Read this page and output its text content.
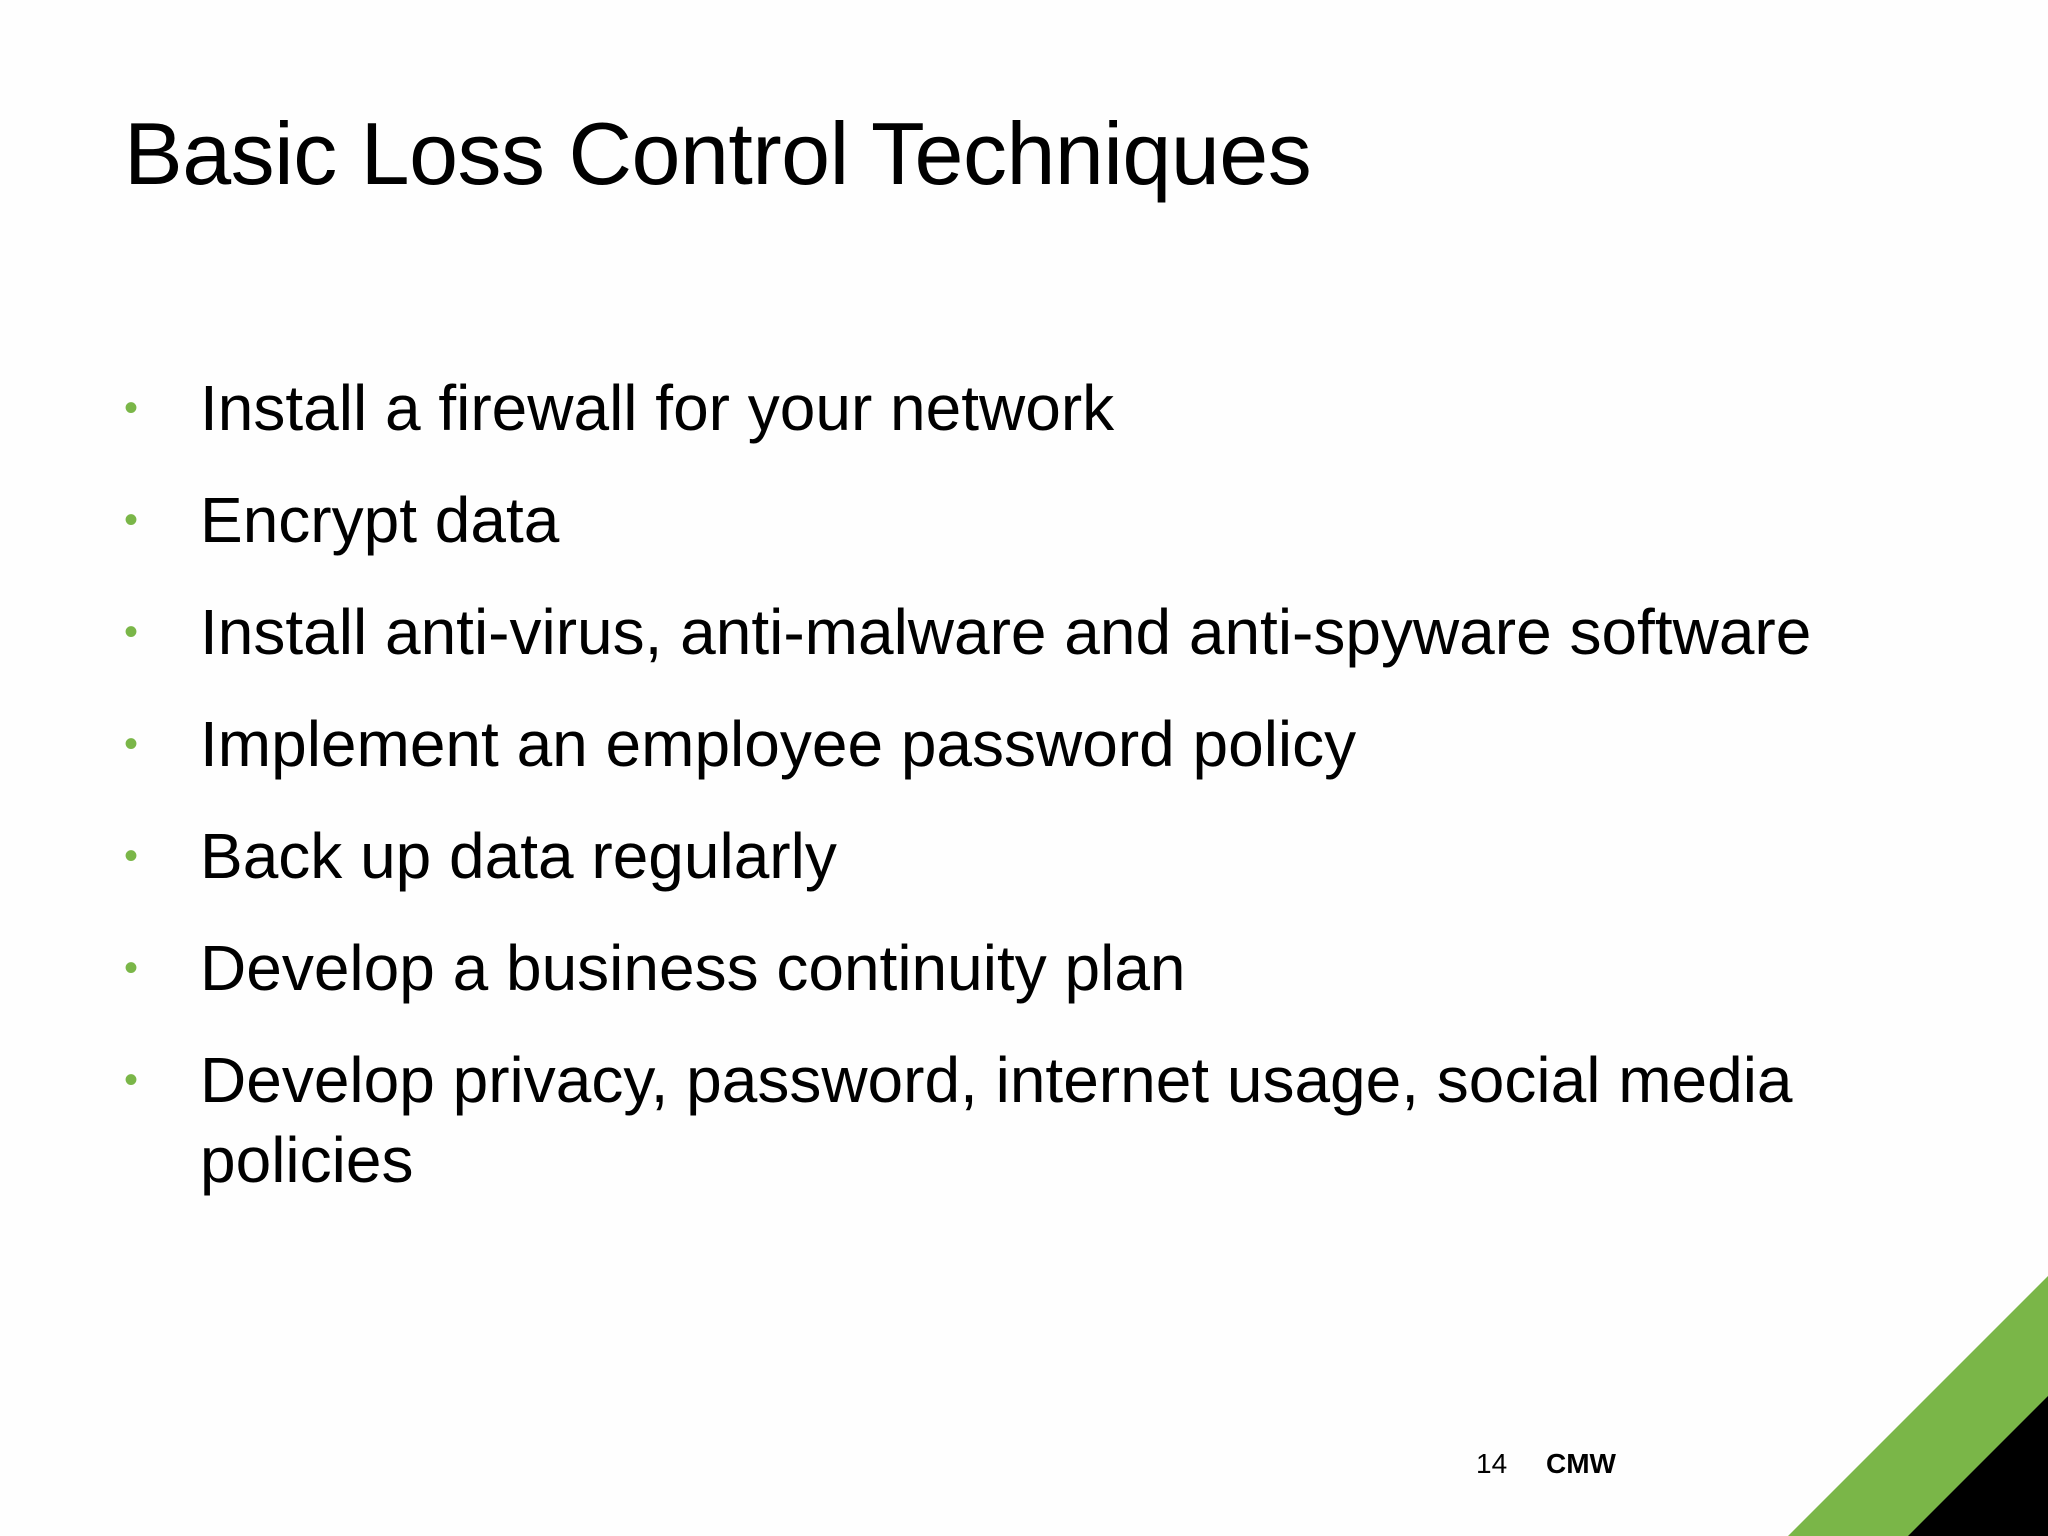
Basic Loss Control Techniques
• Install a firewall for your network
• Encrypt data
• Install anti-virus, anti-malware and anti-spyware software
• Implement an employee password policy
• Back up data regularly
• Develop a business continuity plan
• Develop privacy, password, internet usage, social media policies
14 CMW
